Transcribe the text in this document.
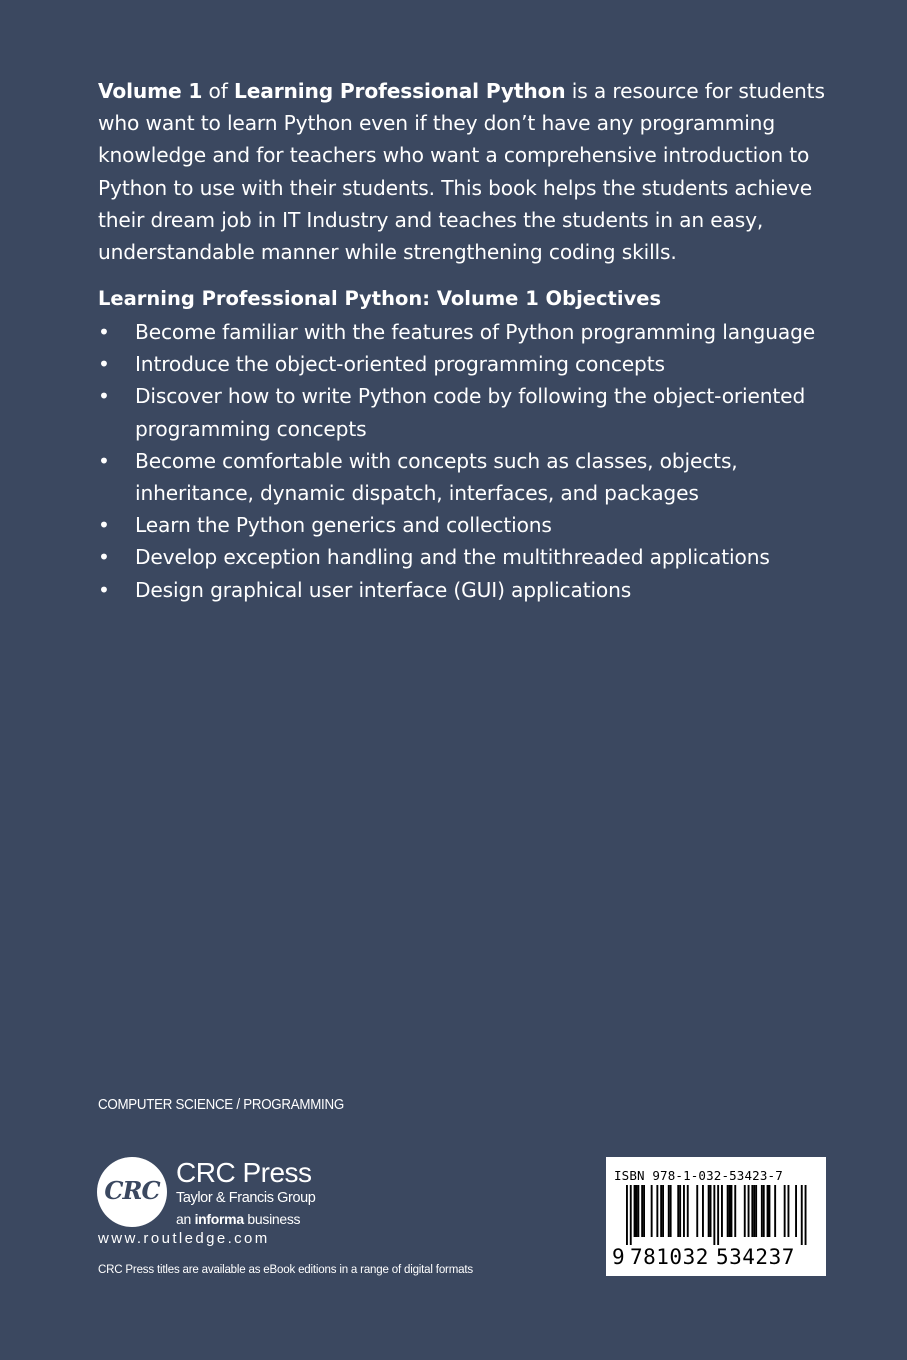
Volume 1 of Learning Professional Python is a resource for students who want to learn Python even if they don’t have any programming knowledge and for teachers who want a comprehensive introduction to Python to use with their students. This book helps the students achieve their dream job in IT Industry and teaches the students in an easy, understandable manner while strengthening coding skills.

Learning Professional Python: Volume 1 Objectives

• Become familiar with the features of Python programming language
• Introduce the object-oriented programming concepts
• Discover how to write Python code by following the object-oriented programming concepts
• Become comfortable with concepts such as classes, objects, inheritance, dynamic dispatch, interfaces, and packages
• Learn the Python generics and collections
• Develop exception handling and the multithreaded applications
• Design graphical user interface (GUI) applications
COMPUTER SCIENCE / PROGRAMMING
CRC
CRC Press
Taylor & Francis Group
an informa business
www.routledge.com
CRC Press titles are available as eBook editions in a range of digital formats
ISBN 978-1-032-53423-7
9 781032 534237
